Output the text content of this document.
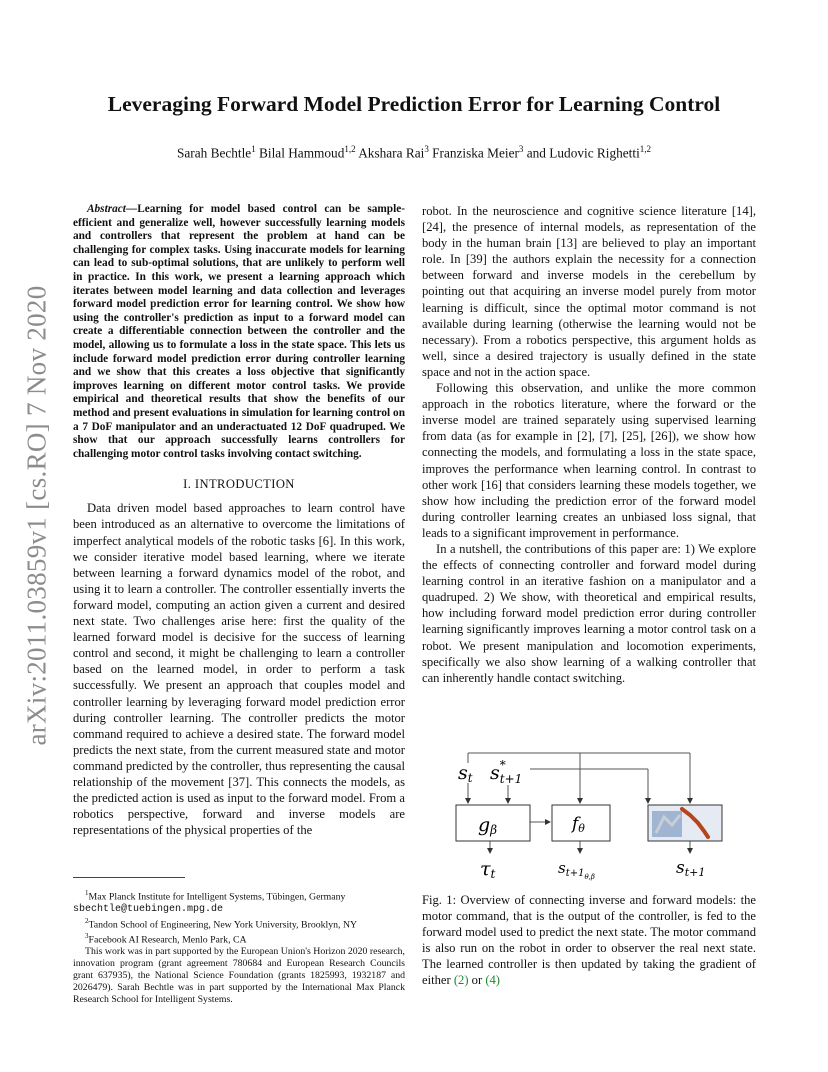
arXiv:2011.03859v1 [cs.RO] 7 Nov 2020
Leveraging Forward Model Prediction Error for Learning Control
Sarah Bechtle$^1$ Bilal Hammoud$^{1,2}$ Akshara Rai$^3$ Franziska Meier$^3$ and Ludovic Righetti$^{1,2}$

Abstract—Learning for model based control can be sample-efficient and generalize well, however successfully learning models and controllers that represent the problem at hand can be challenging for complex tasks. Using inaccurate models for learning can lead to sub-optimal solutions, that are unlikely to perform well in practice. In this work, we present a learning approach which iterates between model learning and data collection and leverages forward model prediction error for learning control. We show how using the controller's prediction as input to a forward model can create a differentiable connection between the controller and the model, allowing us to formulate a loss in the state space. This lets us include forward model prediction error during controller learning and we show that this creates a loss objective that significantly improves learning on different motor control tasks. We provide empirical and theoretical results that show the benefits of our method and present evaluations in simulation for learning control on a 7 DoF manipulator and an underactuated 12 DoF quadruped. We show that our approach successfully learns controllers for challenging motor control tasks involving contact switching.

I. INTRODUCTION

Data driven model based approaches to learn control have been introduced as an alternative to overcome the limitations of imperfect analytical models of the robotic tasks [6]. In this work, we consider iterative model based learning, where we iterate between learning a forward dynamics model of the robot, and using it to learn a controller. The controller essentially inverts the forward model, computing an action given a current and desired next state. Two challenges arise here: first the quality of the learned forward model is decisive for the success of learning control and second, it might be challenging to learn a controller based on the learned model, in order to perform a task successfully. We present an approach that couples model and controller learning by leveraging forward model prediction error during controller learning. The controller predicts the motor command required to achieve a desired state. The forward model predicts the next state, from the current measured state and motor command predicted by the controller, thus representing the causal relationship of the movement [37]. This connects the models, as the predicted action is used as input to the forward model. From a robotics perspective, forward and inverse models are representations of the physical properties of the

$^1$Max Planck Institute for Intelligent Systems, Tübingen, Germany
sbechtle@tuebingen.mpg.de

$^2$Tandon School of Engineering, New York University, Brooklyn, NY

$^3$Facebook AI Research, Menlo Park, CA

This work was in part supported by the European Union's Horizon 2020 research, innovation program (grant agreement 780684 and European Research Councils grant 637935), the National Science Foundation (grants 1825993, 1932187 and 2026479). Sarah Bechtle was in part supported by the International Max Planck Research School for Intelligent Systems.

robot. In the neuroscience and cognitive science literature [14], [24], the presence of internal models, as representation of the body in the human brain [13] are believed to play an important role. In [39] the authors explain the necessity for a connection between forward and inverse models in the cerebellum by pointing out that acquiring an inverse model purely from motor learning is difficult, since the optimal motor command is not available during learning (otherwise the learning would not be necessary). From a robotics perspective, this argument holds as well, since a desired trajectory is usually defined in the state space and not in the action space.

Following this observation, and unlike the more common approach in the robotics literature, where the forward or the inverse model are trained separately using supervised learning from data (as for example in [2], [7], [25], [26]), we show how connecting the models, and formulating a loss in the state space, improves the performance when learning control. In contrast to other work [16] that considers learning these models together, we show how including the prediction error of the forward model during controller learning creates an unbiased loss signal, that leads to a significant improvement in performance.

In a nutshell, the contributions of this paper are: 1) We explore the effects of connecting controller and forward model during learning control in an iterative fashion on a manipulator and a quadruped. 2) We show, with theoretical and empirical results, how including forward model prediction error during controller learning significantly improves learning a motor control task on a robot. We present manipulation and locomotion experiments, specifically we also show learning of a walking controller that can inherently handle contact switching.

st s* t+1
gβ	fθ
τt	$s_{t+1\theta,\beta}$	st+1
Fig. 1: Overview of connecting inverse and forward models: the motor command, that is the output of the controller, is fed to the forward model used to predict the next state. The motor command is also run on the robot in order to observer the real next state. The learned controller is then updated by taking the gradient of either (2) or (4)
